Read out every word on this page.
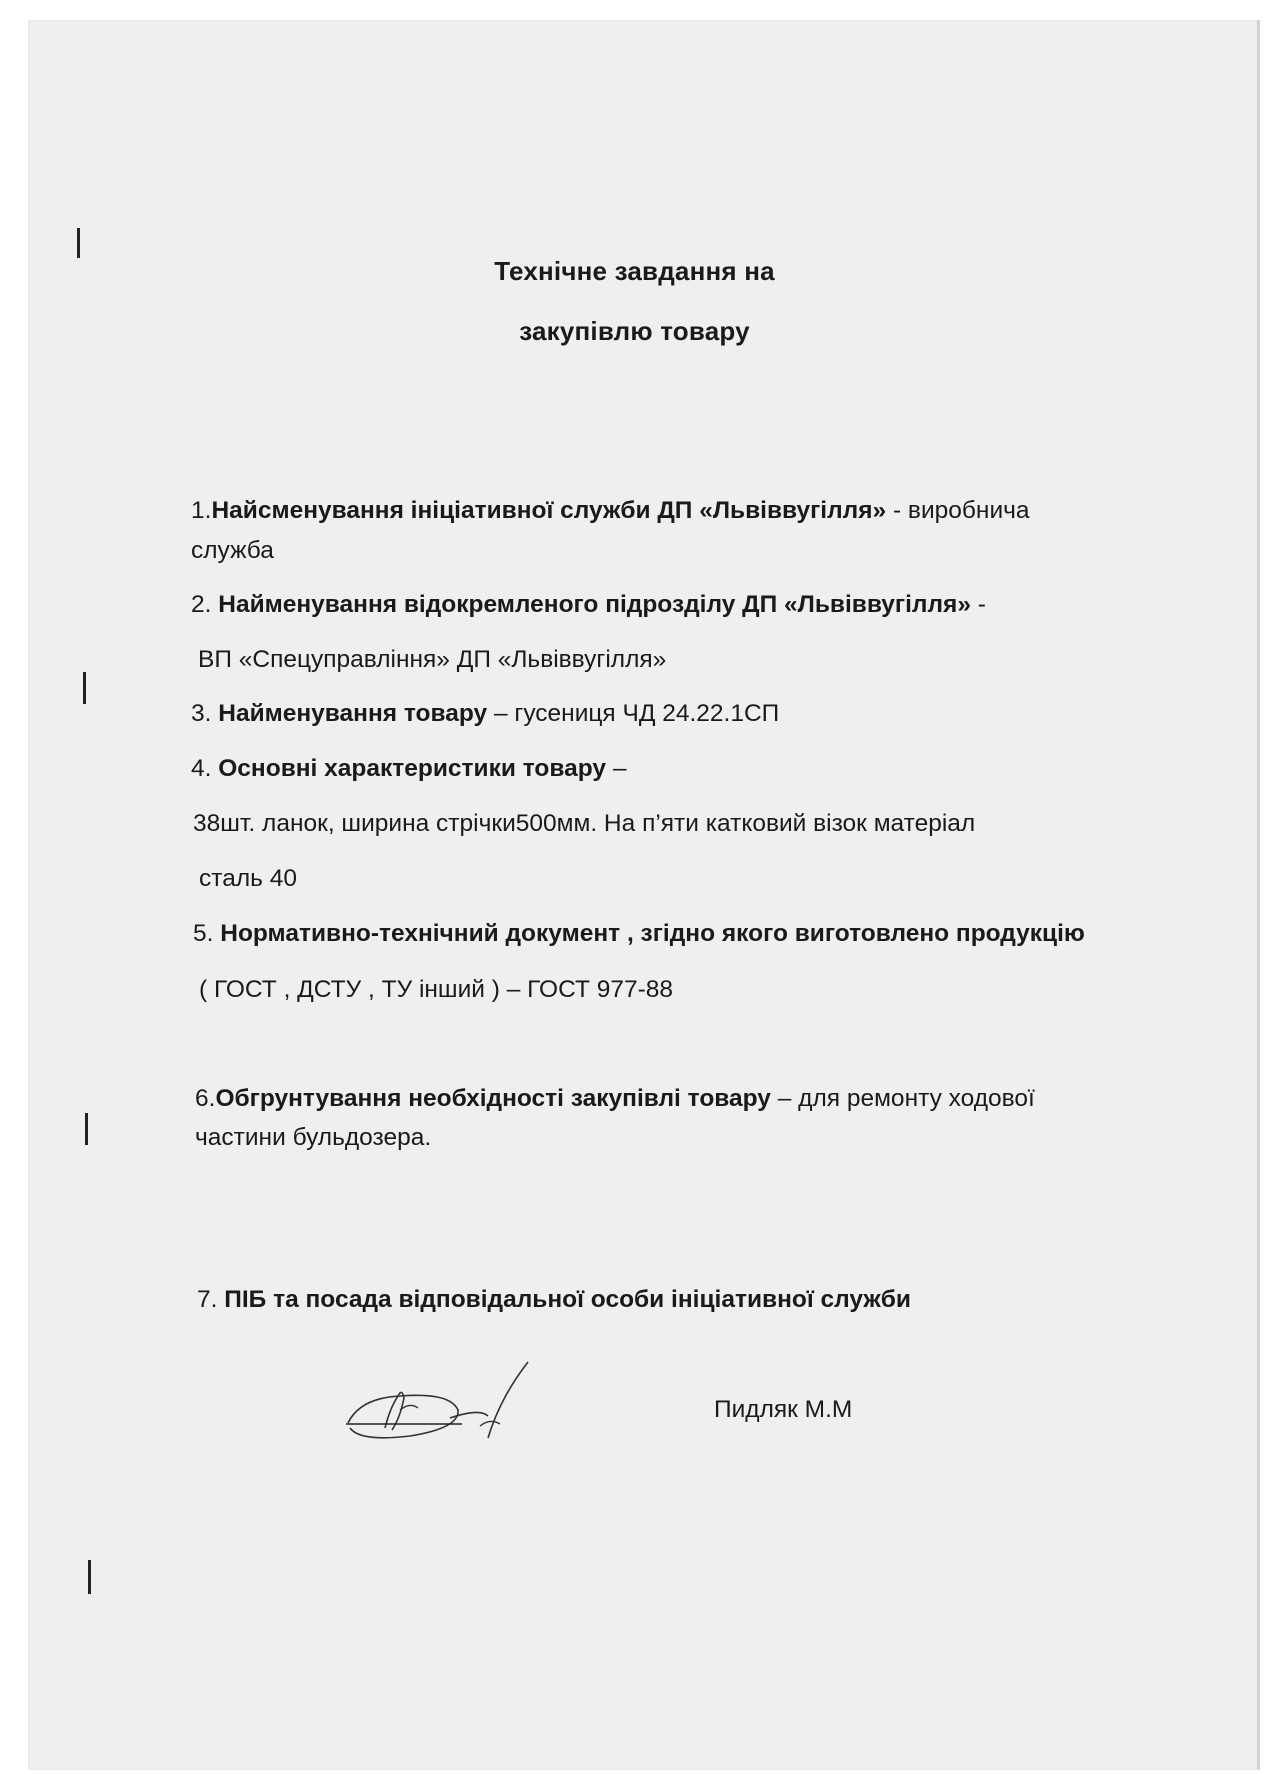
Технічне завдання на
закупівлю товару
1.Найсменування ініціативної служби ДП «Львіввугілля» - виробнича
служба
2. Найменування відокремленого підрозділу ДП «Львіввугілля» -
ВП «Спецуправління» ДП «Львіввугілля»
3. Найменування товару – гусениця ЧД 24.22.1СП
4. Основні характеристики товару –
38шт. ланок, ширина стрічки500мм. На п’яти катковий візок матеріал
сталь 40
5. Нормативно-технічний документ , згідно якого виготовлено продукцію
( ГОСТ , ДСТУ , ТУ інший ) – ГОСТ 977-88
6.Обгрунтування необхідності закупівлі товару – для ремонту ходової
частини бульдозера.
7. ПІБ та посада відповідальної особи ініціативної служби
Пидляк М.М
